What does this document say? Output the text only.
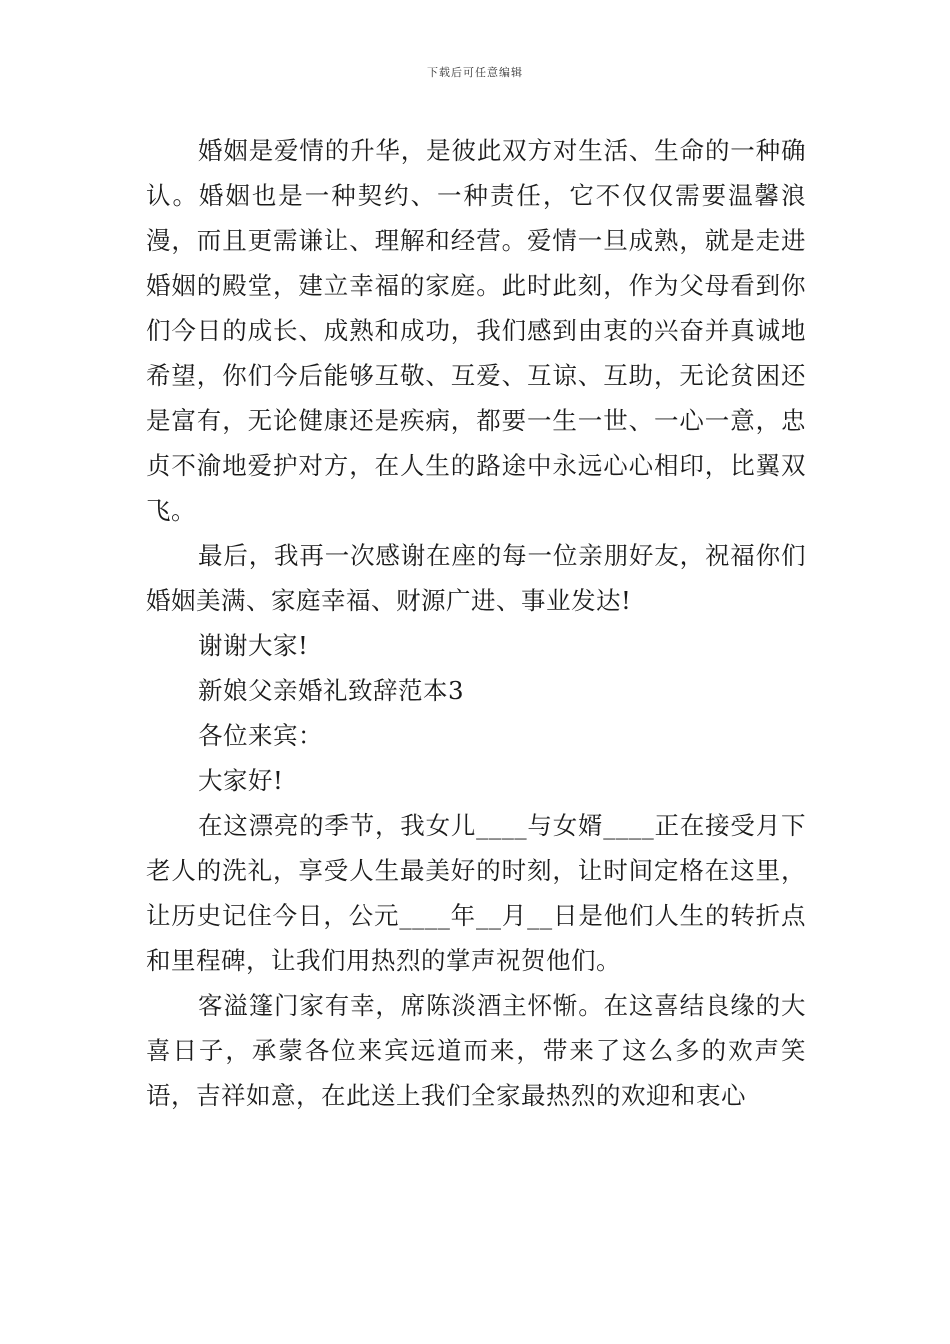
下载后可任意编辑

婚姻是爱情的升华，是彼此双方对生活、生命的一种确认。婚姻也是一种契约、一种责任，它不仅仅需要温馨浪漫，而且更需谦让、理解和经营。爱情一旦成熟，就是走进婚姻的殿堂，建立幸福的家庭。此时此刻，作为父母看到你们今日的成长、成熟和成功，我们感到由衷的兴奋并真诚地希望，你们今后能够互敬、互爱、互谅、互助，无论贫困还是富有，无论健康还是疾病，都要一生一世、一心一意，忠贞不渝地爱护对方，在人生的路途中永远心心相印，比翼双飞。

最后，我再一次感谢在座的每一位亲朋好友，祝福你们婚姻美满、家庭幸福、财源广进、事业发达!

谢谢大家!

新娘父亲婚礼致辞范本3

各位来宾：

大家好!

在这漂亮的季节，我女儿____与女婿____正在接受月下老人的洗礼，享受人生最美好的时刻，让时间定格在这里，让历史记住今日，公元____年__月__日是他们人生的转折点和里程碑，让我们用热烈的掌声祝贺他们。

客溢篷门家有幸，席陈淡酒主怀惭。在这喜结良缘的大喜日子，承蒙各位来宾远道而来，带来了这么多的欢声笑语，吉祥如意，在此送上我们全家最热烈的欢迎和衷心
